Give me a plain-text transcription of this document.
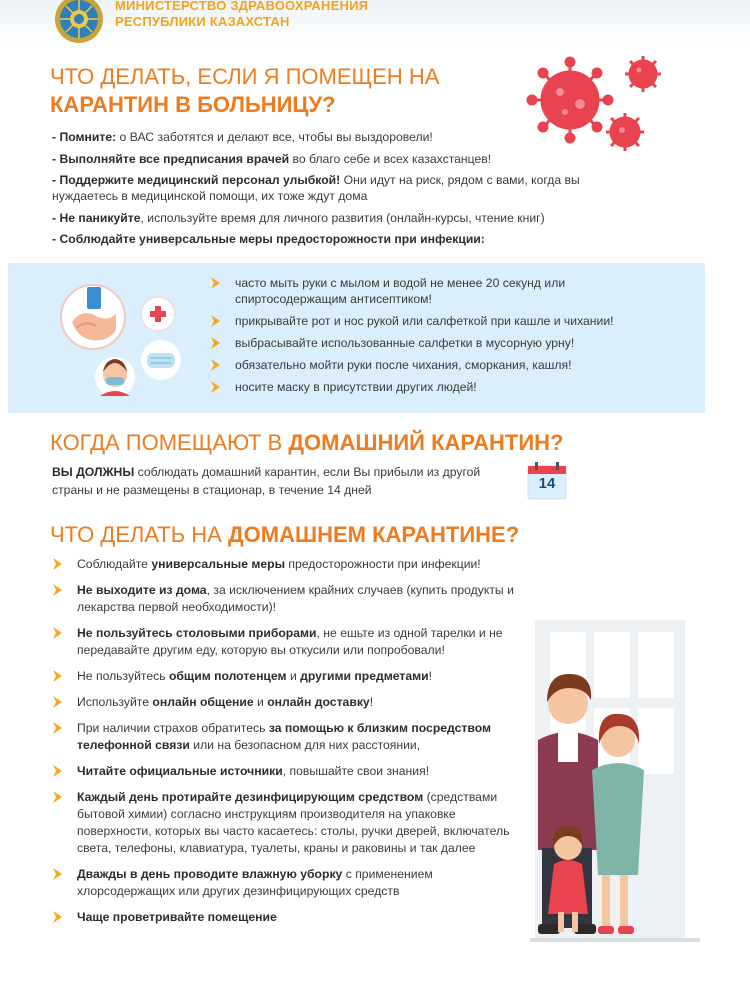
МИНИСТЕРСТВО ЗДРАВООХРАНЕНИЯ
РЕСПУБЛИКИ КАЗАХСТАН
ЧТО ДЕЛАТЬ, ЕСЛИ Я ПОМЕЩЕН НА
КАРАНТИН В БОЛЬНИЦУ?
- Помните: о ВАС заботятся и делают все, чтобы вы выздоровели!
- Выполняйте все предписания врачей во благо себе и всех казахстанцев!
- Поддержите медицинский персонал улыбкой! Они идут на риск, рядом с вами, когда вы нуждаетесь в медицинской помощи, их тоже ждут дома
- Не паникуйте, используйте время для личного развития (онлайн-курсы, чтение книг)
- Соблюдайте универсальные меры предосторожности при инфекции:
часто мыть руки с мылом и водой не менее 20 секунд или спиртосодержащим антисептиком!
прикрывайте рот и нос рукой или салфеткой при кашле и чихании!
выбрасывайте использованные салфетки в мусорную урну!
обязательно мойти руки после чихания, сморкания, кашля!
носите маску в присутствии других людей!
КОГДА ПОМЕЩАЮТ В ДОМАШНИЙ КАРАНТИН?
ВЫ ДОЛЖНЫ соблюдать домашний карантин, если Вы прибыли из другой страны и не размещены в стационар, в течение 14 дней	14
ЧТО ДЕЛАТЬ НА ДОМАШНЕМ КАРАНТИНЕ?
Соблюдайте универсальные меры предосторожности при инфекции!
Не выходите из дома, за исключением крайних случаев (купить продукты и лекарства первой необходимости)!
Не пользуйтесь столовыми приборами, не ешьте из одной тарелки и не передавайте другим еду, которую вы откусили или попробовали!
Не пользуйтесь общим полотенцем и другими предметами!
Используйте онлайн общение и онлайн доставку!
При наличии страхов обратитесь за помощью к близким посредством телефонной связи или на безопасном для них расстоянии,
Читайте официальные источники, повышайте свои знания!
Каждый день протирайте дезинфицирующим средством (средствами бытовой химии) согласно инструкциям производителя на упаковке поверхности, которых вы часто касаетесь: столы, ручки дверей, включатель света, телефоны, клавиатура, туалеты, краны и раковины и так далее
Дважды в день проводите влажную уборку с применением хлорсодержащих или других дезинфицирующих средств
Чаще проветривайте помещение
